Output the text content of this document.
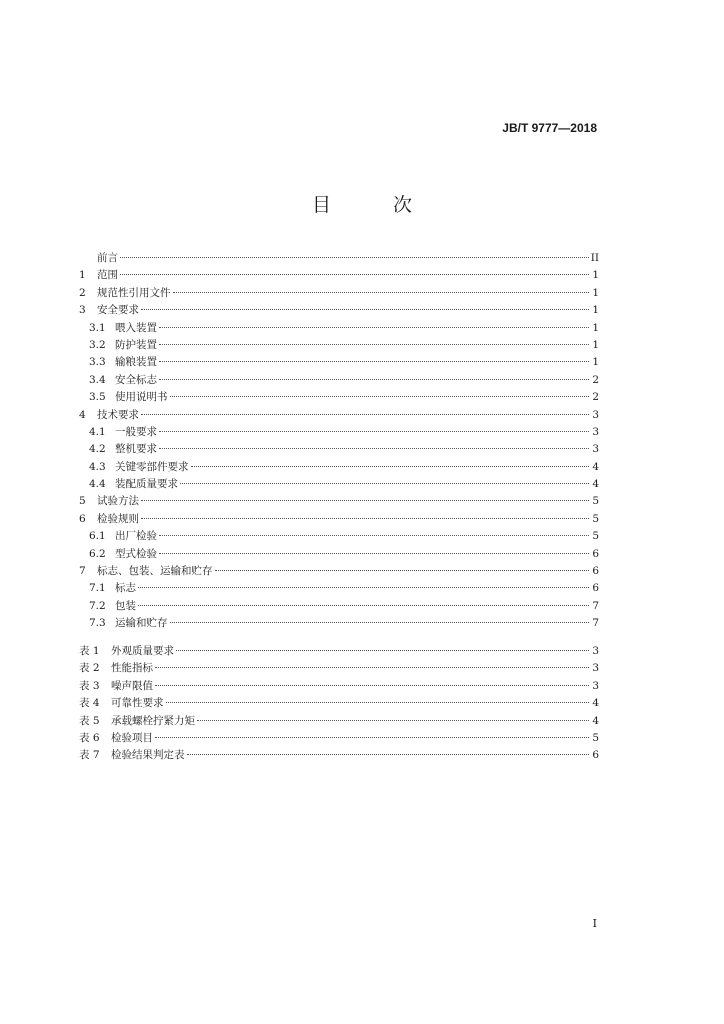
JB/T 9777—2018
目 次
前言	II
1	范围	1
2	规范性引用文件	1
3	安全要求	1
3.1 喂入装置	1
3.2 防护装置	1
3.3 输粮装置	1
3.4 安全标志	2
3.5 使用说明书	2
4	技术要求	3
4.1 一般要求	3
4.2 整机要求	3
4.3 关键零部件要求	4
4.4 装配质量要求	4
5	试验方法	5
6	检验规则	5
6.1 出厂检验	5
6.2 型式检验	6
7	标志、包装、运输和贮存	6
7.1 标志	6
7.2 包装	7
7.3 运输和贮存	7
表 1	外观质量要求	3
表 2	性能指标	3
表 3	噪声限值	3
表 4	可靠性要求	4
表 5	承载螺栓拧紧力矩	4
表 6	检验项目	5
表 7	检验结果判定表	6
I
